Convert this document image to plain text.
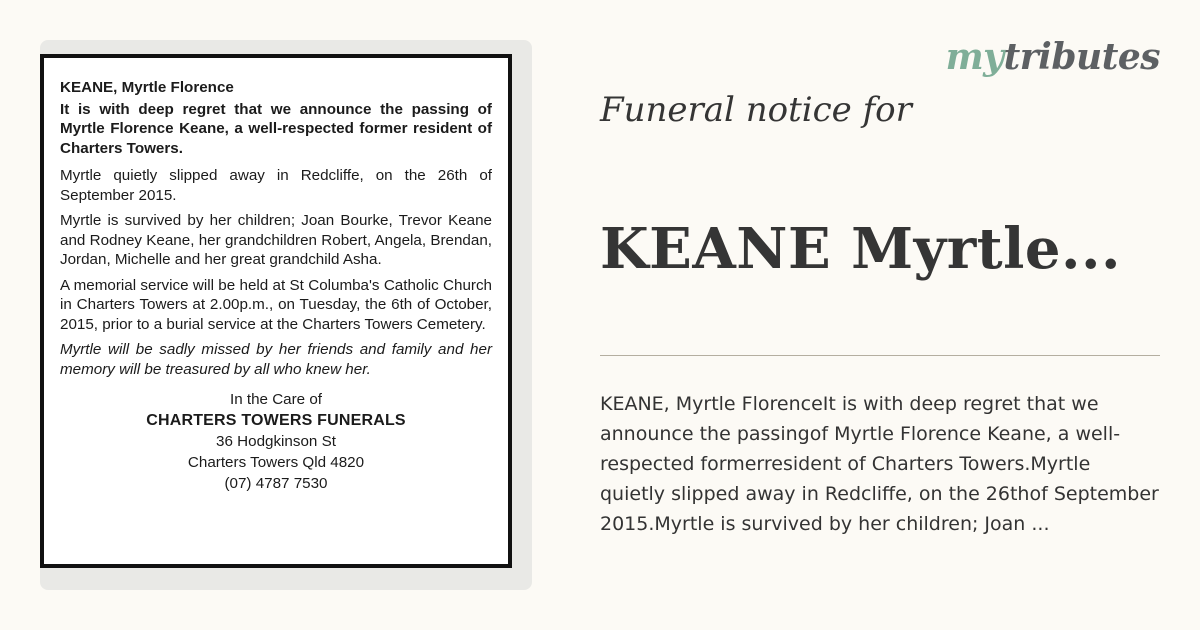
KEANE, Myrtle Florence

It is with deep regret that we announce the passing of Myrtle Florence Keane, a well-respected former resident of Charters Towers.

Myrtle quietly slipped away in Redcliffe, on the 26th of September 2015.

Myrtle is survived by her children; Joan Bourke, Trevor Keane and Rodney Keane, her grandchildren Robert, Angela, Brendan, Jordan, Michelle and her great grandchild Asha.

A memorial service will be held at St Columba's Catholic Church in Charters Towers at 2.00p.m., on Tuesday, the 6th of October, 2015, prior to a burial service at the Charters Towers Cemetery.

Myrtle will be sadly missed by her friends and family and her memory will be treasured by all who knew her.

In the Care of
CHARTERS TOWERS FUNERALS
36 Hodgkinson St
Charters Towers Qld 4820
(07) 4787 7530
mytributes
Funeral notice for
KEANE Myrtle...
KEANE, Myrtle FlorenceIt is with deep regret that we announce the passingof Myrtle Florence Keane, a well-respected formerresident of Charters Towers.Myrtle quietly slipped away in Redcliffe, on the 26thof September 2015.Myrtle is survived by her children; Joan ...
